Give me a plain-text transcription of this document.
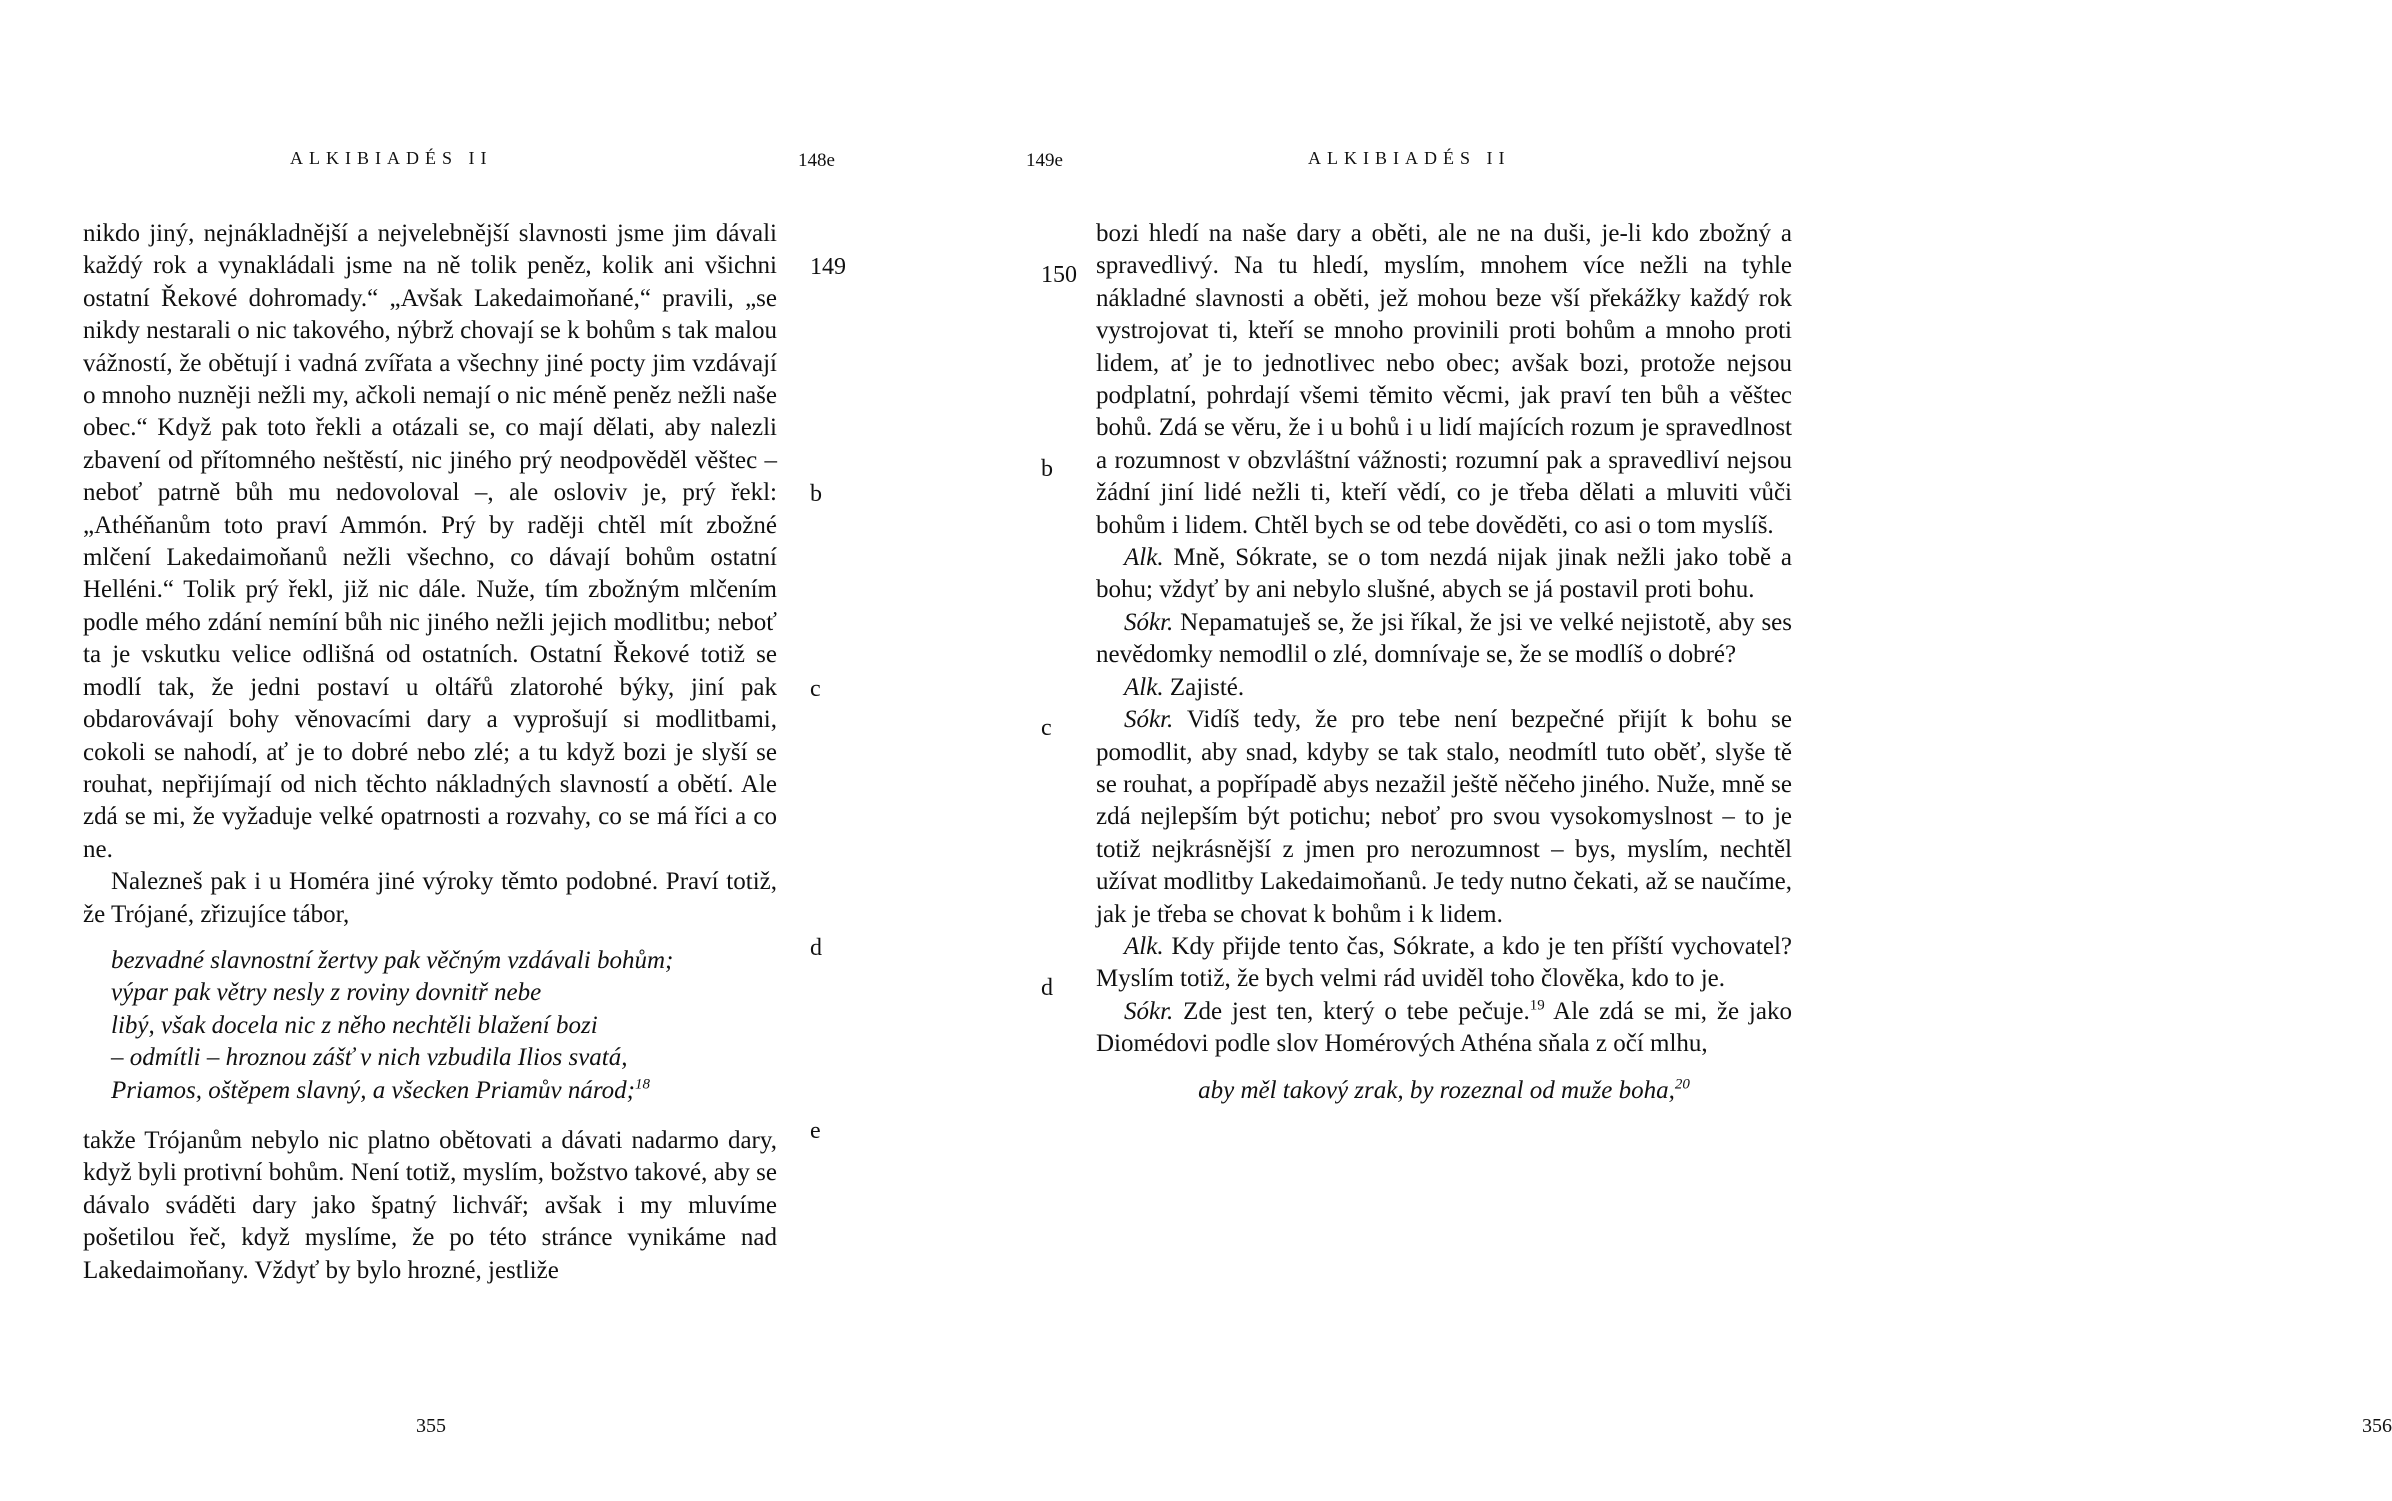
ALKIBIADÉS II	148e
149
b
c
d
e

nikdo jiný, nejnákladnější a nejvelebnější slavnosti jsme jim dávali každý rok a vynakládali jsme na ně tolik peněz, kolik ani všichni ostatní Řekové dohromady.“ „Avšak Lakedaimoňané,“ pravili, „se nikdy nestarali o nic takového, nýbrž chovají se k bohům s tak malou vážností, že obětují i vadná zvířata a všechny jiné pocty jim vzdávají o mnoho nuzněji nežli my, ačkoli nemají o nic méně peněz nežli naše obec.“ Když pak toto řekli a otázali se, co mají dělati, aby nalezli zbavení od přítomného neštěstí, nic jiného prý neodpověděl věštec – neboť patrně bůh mu nedovoloval –, ale osloviv je, prý řekl: „Athéňanům toto praví Ammón. Prý by raději chtěl mít zbožné mlčení Lakedaimoňanů nežli všechno, co dávají bohům ostatní Helléni.“ Tolik prý řekl, již nic dále. Nuže, tím zbožným mlčením podle mého zdání nemíní bůh nic jiného nežli jejich modlitbu; neboť ta je vskutku velice odlišná od ostatních. Ostatní Řekové totiž se modlí tak, že jedni postaví u oltářů zlatorohé býky, jiní pak obdarovávají bohy věnovacími dary a vyprošují si modlitbami, cokoli se nahodí, ať je to dobré nebo zlé; a tu když bozi je slyší se rouhat, nepřijímají od nich těchto nákladných slavností a obětí. Ale zdá se mi, že vyžaduje velké opatrnosti a rozvahy, co se má říci a co ne.

Nalezneš pak i u Homéra jiné výroky těmto podobné. Praví totiž, že Trójané, zřizujíce tábor,

bezvadné slavnostní žertvy pak věčným vzdávali bohům;
výpar pak větry nesly z roviny dovnitř nebe
libý, však docela nic z něho nechtěli blažení bozi
– odmítli – hroznou zášť v nich vzbudila Ilios svatá,
Priamos, oštěpem slavný, a všecken Priamův národ;$^{18}$

takže Trójanům nebylo nic platno obětovati a dávati nadarmo dary, když byli protivní bohům. Není totiž, myslím, božstvo takové, aby se dávalo sváděti dary jako špatný lichvář; avšak i my mluvíme pošetilou řeč, když myslíme, že po této stránce vynikáme nad Lakedaimoňany. Vždyť by bylo hrozné, jestliže

355
149e	ALKIBIADÉS II
150
b
c
d

bozi hledí na naše dary a oběti, ale ne na duši, je-li kdo zbožný a spravedlivý. Na tu hledí, myslím, mnohem více nežli na tyhle nákladné slavnosti a oběti, jež mohou beze vší překážky každý rok vystrojovat ti, kteří se mnoho provinili proti bohům a mnoho proti lidem, ať je to jednotlivec nebo obec; avšak bozi, protože nejsou podplatní, pohrdají všemi těmito věcmi, jak praví ten bůh a věštec bohů. Zdá se věru, že i u bohů i u lidí majících rozum je spravedlnost a rozumnost v obzvláštní vážnosti; rozumní pak a spravedliví nejsou žádní jiní lidé nežli ti, kteří vědí, co je třeba dělati a mluviti vůči bohům i lidem. Chtěl bych se od tebe dověděti, co asi o tom myslíš.

Alk. Mně, Sókrate, se o tom nezdá nijak jinak nežli jako tobě a bohu; vždyť by ani nebylo slušné, abych se já postavil proti bohu.

Sókr. Nepamatuješ se, že jsi říkal, že jsi ve velké nejistotě, aby ses nevědomky nemodlil o zlé, domnívaje se, že se modlíš o dobré?

Alk. Zajisté.

Sókr. Vidíš tedy, že pro tebe není bezpečné přijít k bohu se pomodlit, aby snad, kdyby se tak stalo, neodmítl tuto oběť, slyše tě se rouhat, a popřípadě abys nezažil ještě něčeho jiného. Nuže, mně se zdá nejlepším být potichu; neboť pro svou vysokomyslnost – to je totiž nejkrásnější z jmen pro nerozumnost – bys, myslím, nechtěl užívat modlitby Lakedaimoňanů. Je tedy nutno čekati, až se naučíme, jak je třeba se chovat k bohům i k lidem.

Alk. Kdy přijde tento čas, Sókrate, a kdo je ten příští vychovatel? Myslím totiž, že bych velmi rád uviděl toho člověka, kdo to je.

Sókr. Zde jest ten, který o tebe pečuje.$^{19}$ Ale zdá se mi, že jako Diomédovi podle slov Homérových Athéna sňala z očí mlhu,

aby měl takový zrak, by rozeznal od muže boha,$^{20}$

356
